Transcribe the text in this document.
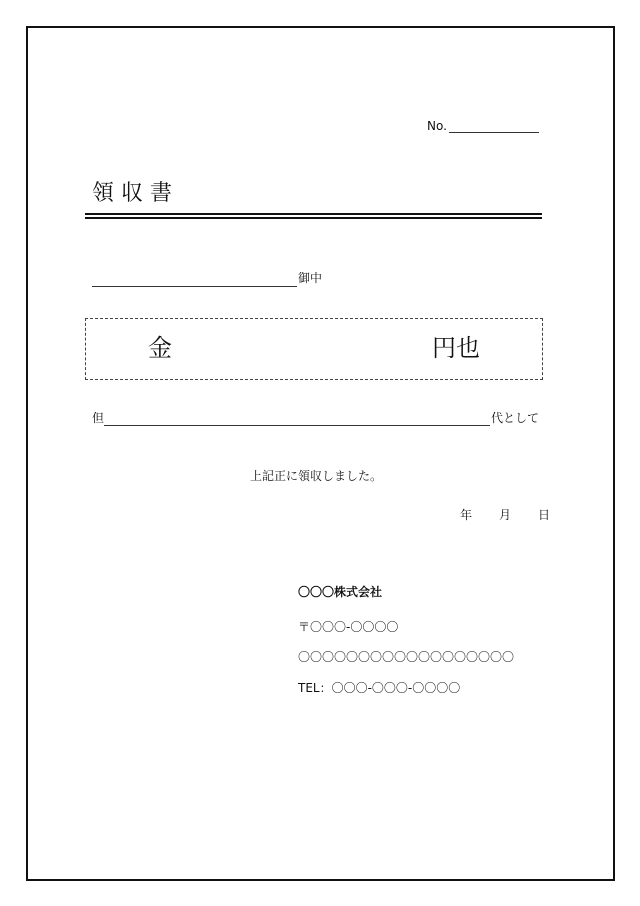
No.
領 収 書
御中
金	円也
但	代として
上記正に領収しました。
年 月 日
〇〇〇株式会社
〒〇〇〇-〇〇〇〇
〇〇〇〇〇〇〇〇〇〇〇〇〇〇〇〇〇〇
TEL：〇〇〇-〇〇〇-〇〇〇〇
